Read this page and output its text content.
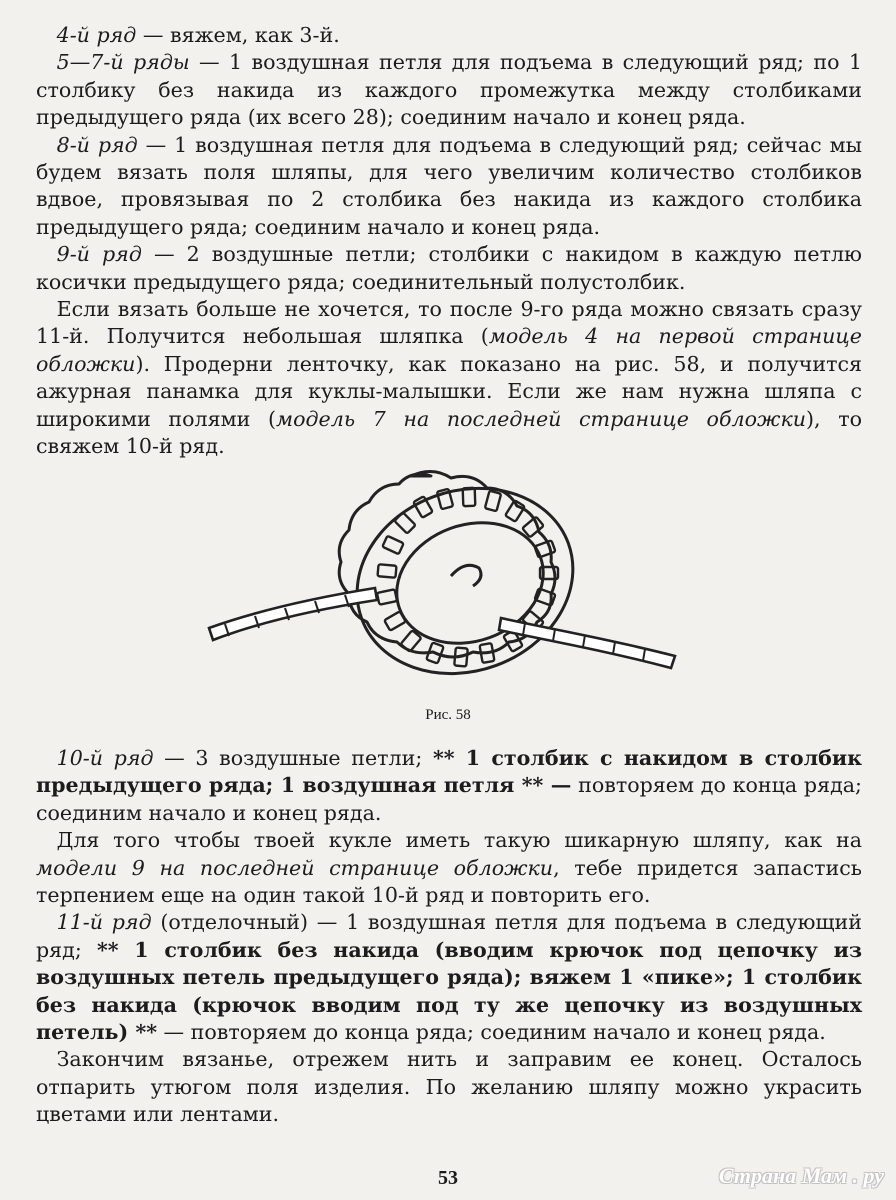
 4-й ряд — вяжем, как 3-й.

 5—7-й ряды — 1 воздушная петля для подъема в следующий ряд; по 1 столбику без накида из каждого промежутка между столбиками предыдущего ряда (их всего 28); соединим начало и конец ряда.

 8-й ряд — 1 воздушная петля для подъема в следующий ряд; сейчас мы будем вязать поля шляпы, для чего увеличим количество столбиков вдвое, провязывая по 2 столбика без накида из каждого столбика предыдущего ряда; соединим начало и конец ряда.

 9-й ряд — 2 воздушные петли; столбики с накидом в каждую петлю косички предыдущего ряда; соединительный полустолбик.

 Если вязать больше не хочется, то после 9-го ряда можно связать сразу 11-й. Получится небольшая шляпка (модель 4 на первой странице обложки). Продерни ленточку, как показано на рис. 58, и получится ажурная панамка для куклы-малышки. Если же нам нужна шляпа с широкими полями (модель 7 на последней странице обложки), то свяжем 10-й ряд.

Рис. 58

 10-й ряд — 3 воздушные петли; ** 1 столбик с накидом в столбик предыдущего ряда; 1 воздушная петля ** — повторяем до конца ряда; соединим начало и конец ряда.

 Для того чтобы твоей кукле иметь такую шикарную шляпу, как на модели 9 на последней странице обложки, тебе придется запастись терпением еще на один такой 10-й ряд и повторить его.

 11-й ряд (отделочный) — 1 воздушная петля для подъема в следующий ряд; ** 1 столбик без накида (вводим крючок под цепочку из воздушных петель предыдущего ряда); вяжем 1 «пике»; 1 столбик без накида (крючок вводим под ту же цепочку из воздушных петель) ** — повторяем до конца ряда; соединим начало и конец ряда.

 Закончим вязанье, отрежем нить и заправим ее конец. Осталось отпарить утюгом поля изделия. По желанию шляпу можно украсить цветами или лентами.

53	Страна Мам . ру
